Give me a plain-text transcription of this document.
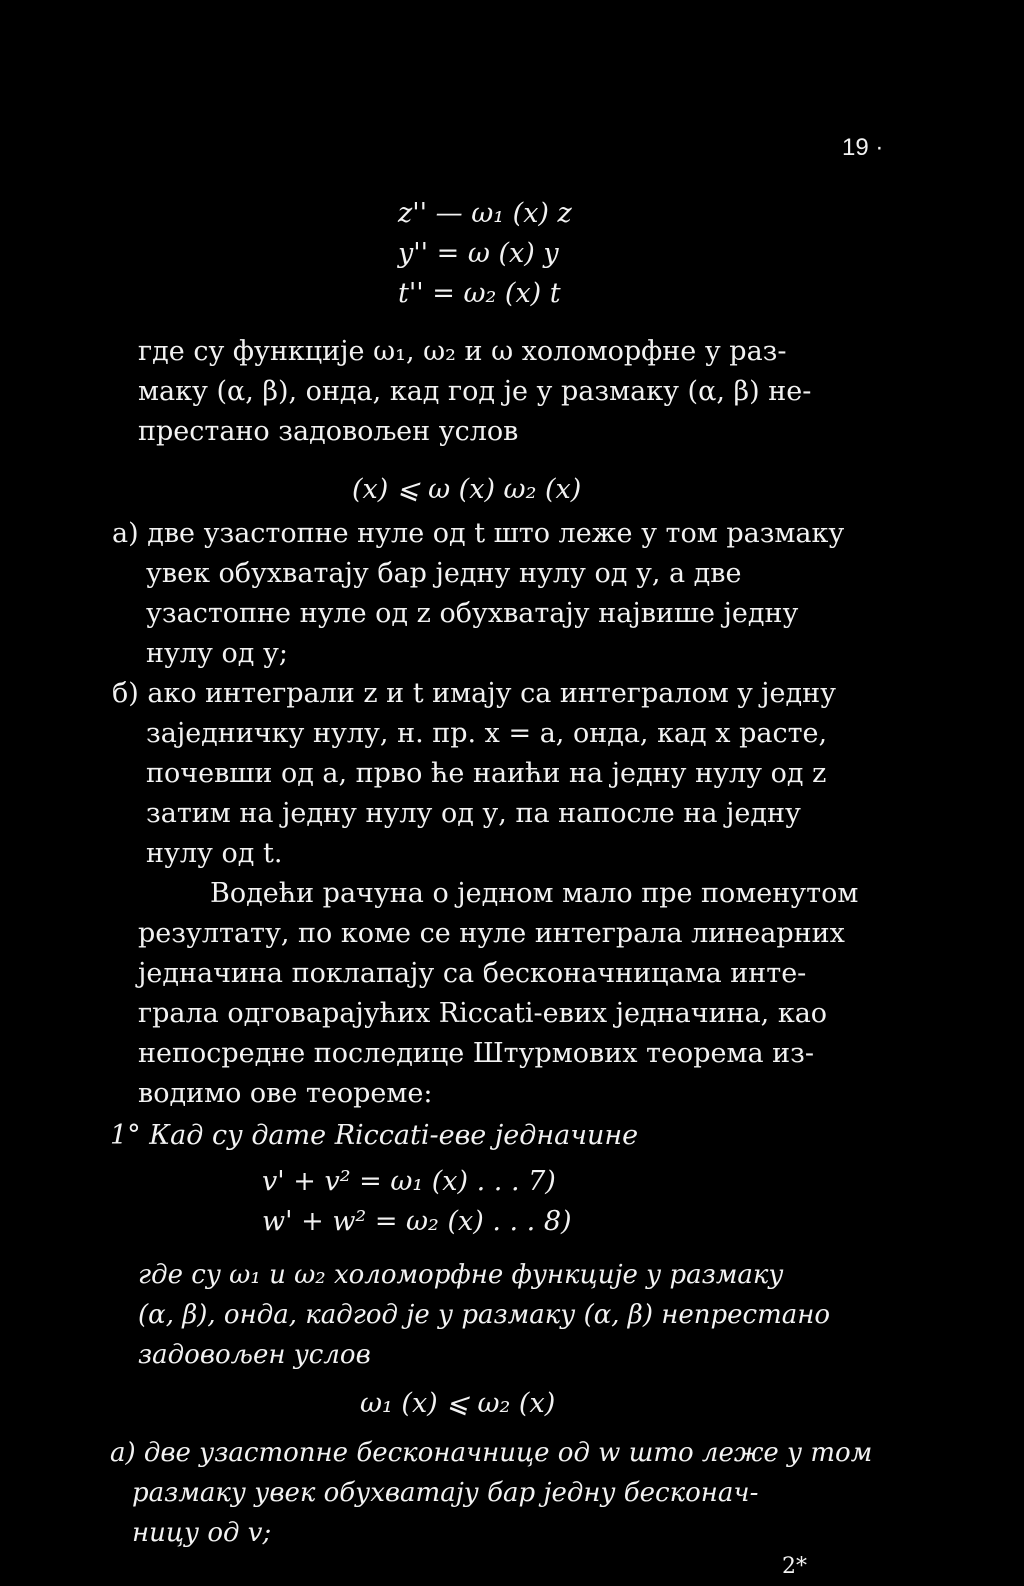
19 ·
z'' — ω₁ (x) z
y'' = ω (x) y
t'' = ω₂ (x) t
где су функције ω₁, ω₂ и ω холоморфне у раз-
маку (α, β), онда, кад год је у размаку (α, β) не-
престано задовољен услов
(x) ⩽ ω (x) ω₂ (x)
а) две узастопне нуле од t што леже у том размаку
увек обухватају бар једну нулу од у, а две
узастопне нуле од z обухватају највише једну
нулу од у;
б) ако интеграли z и t имају са интегралом y једну
заједничку нулу, н. пр. х = а, онда, кад х расте,
почевши од а, прво ће наићи на једну нулу од z
затим на једну нулу од у, па напосле на једну
нулу од t.
Водећи рачуна о једном мало пре поменутом
резултату, по коме се нуле интеграла линеарних
једначина поклапају са бесконачницама инте-
грала одговарајућих Riccati-евих једначина, као
непосредне последице Штурмових теорема из-
водимо ове теореме:
1° Кад су дате Riccati-еве једначине
v' + v² = ω₁ (x) . . . 7)
w' + w² = ω₂ (x) . . . 8)
где су ω₁ и ω₂ холоморфне функције у размаку
(α, β), онда, кадгод је у размаку (α, β) непрестано
задовољен услов
ω₁ (x) ⩽ ω₂ (x)
а) две узастопне бесконачнице од w што леже у том
размаку увек обухватају бар једну бесконач-
ницу од v;
2*
